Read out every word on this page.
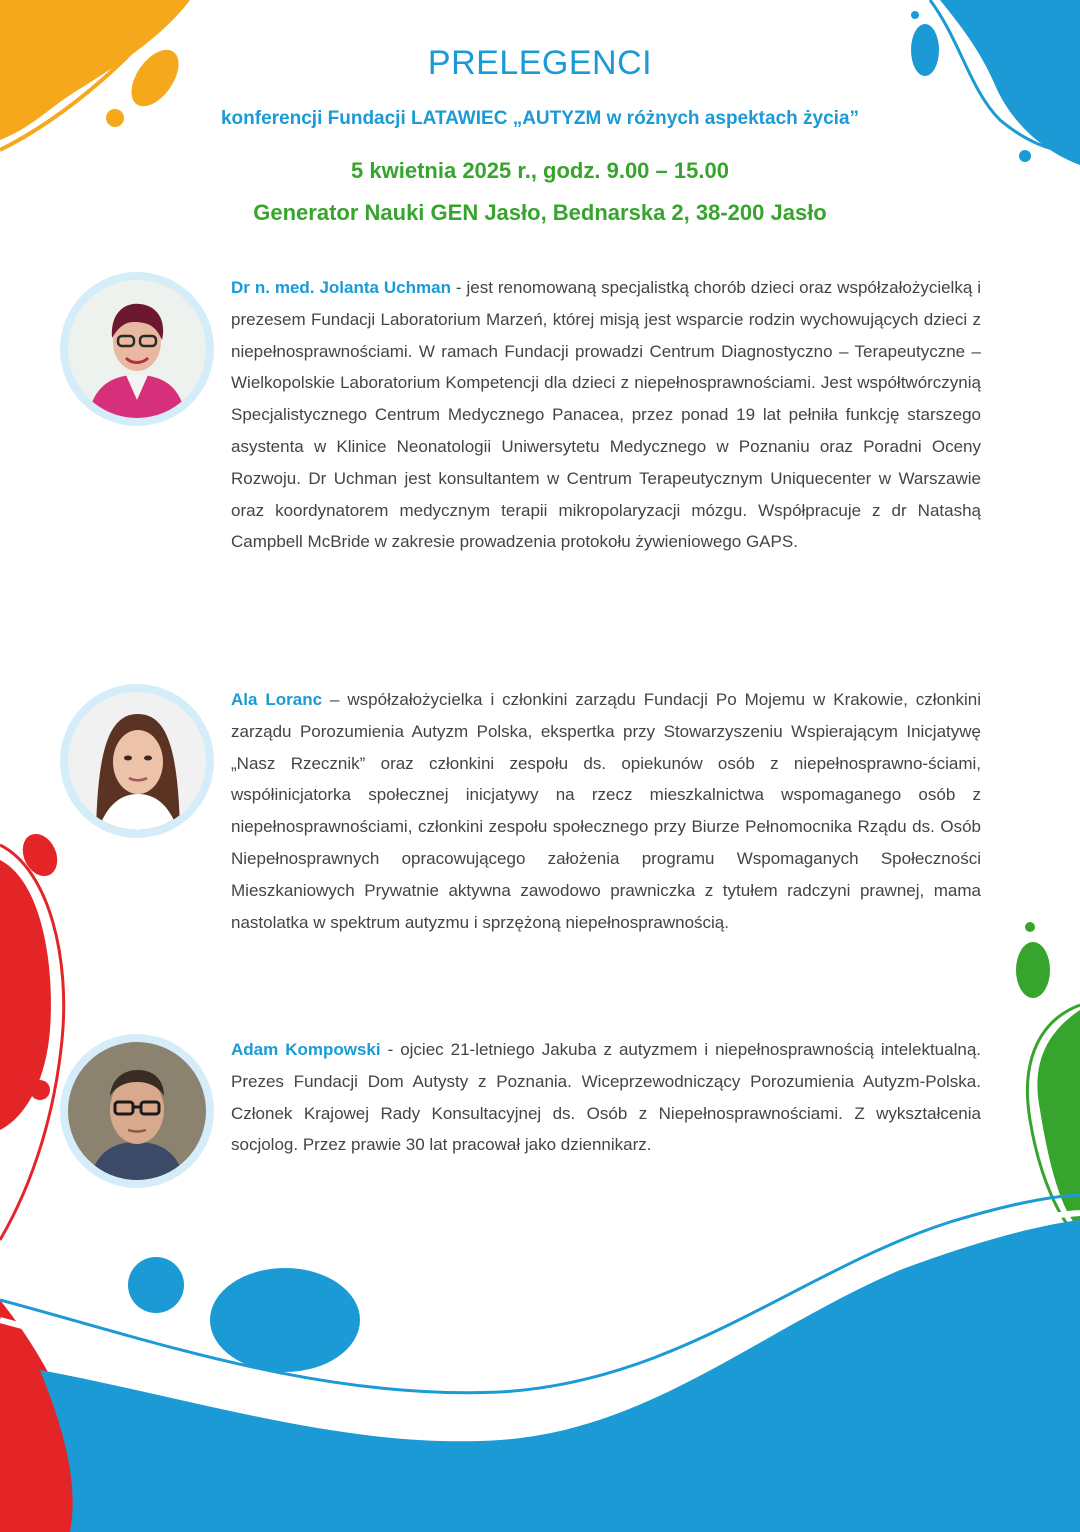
PRELEGENCI

konferencji Fundacji LATAWIEC „AUTYZM w różnych aspektach życia”

5 kwietnia 2025 r., godz. 9.00 – 15.00

Generator Nauki GEN Jasło, Bednarska 2, 38-200 Jasło

Dr n. med. Jolanta Uchman - jest renomowaną specjalistką chorób dzieci oraz współzałożycielką i prezesem Fundacji Laboratorium Marzeń, której misją jest wsparcie rodzin wychowujących dzieci z niepełnosprawnościami. W ramach Fundacji prowadzi Centrum Diagnostyczno – Terapeutyczne – Wielkopolskie Laboratorium Kompetencji dla dzieci z niepełnosprawnościami. Jest współtwórczynią Specjalistycznego Centrum Medycznego Panacea, przez ponad 19 lat pełniła funkcję starszego asystenta w Klinice Neonatologii Uniwersytetu Medycznego w Poznaniu oraz Poradni Oceny Rozwoju. Dr Uchman jest konsultantem w Centrum Terapeutycznym Uniquecenter w Warszawie oraz koordynatorem medycznym terapii mikropolaryzacji mózgu. Współpracuje z dr Natashą Campbell McBride w zakresie prowadzenia protokołu żywieniowego GAPS.

Ala Loranc – współzałożycielka i członkini zarządu Fundacji Po Mojemu w Krakowie, członkini zarządu Porozumienia Autyzm Polska, ekspertka przy Stowarzyszeniu Wspierającym Inicjatywę „Nasz Rzecznik” oraz członkini zespołu ds. opiekunów osób z niepełnosprawno-ściami, współinicjatorka społecznej inicjatywy na rzecz mieszkalnictwa wspomaganego osób z niepełnosprawnościami, członkini zespołu społecznego przy Biurze Pełnomocnika Rządu ds. Osób Niepełnosprawnych opracowującego założenia programu Wspomaganych Społeczności Mieszkaniowych Prywatnie aktywna zawodowo prawniczka z tytułem radczyni prawnej, mama nastolatka w spektrum autyzmu i sprzężoną niepełnosprawnością.

Adam Kompowski - ojciec 21-letniego Jakuba z autyzmem i niepełnosprawnością intelektualną. Prezes Fundacji Dom Autysty z Poznania. Wiceprzewodniczący Porozumienia Autyzm-Polska. Członek Krajowej Rady Konsultacyjnej ds. Osób z Niepełnosprawnościami. Z wykształcenia socjolog. Przez prawie 30 lat pracował jako dziennikarz.
